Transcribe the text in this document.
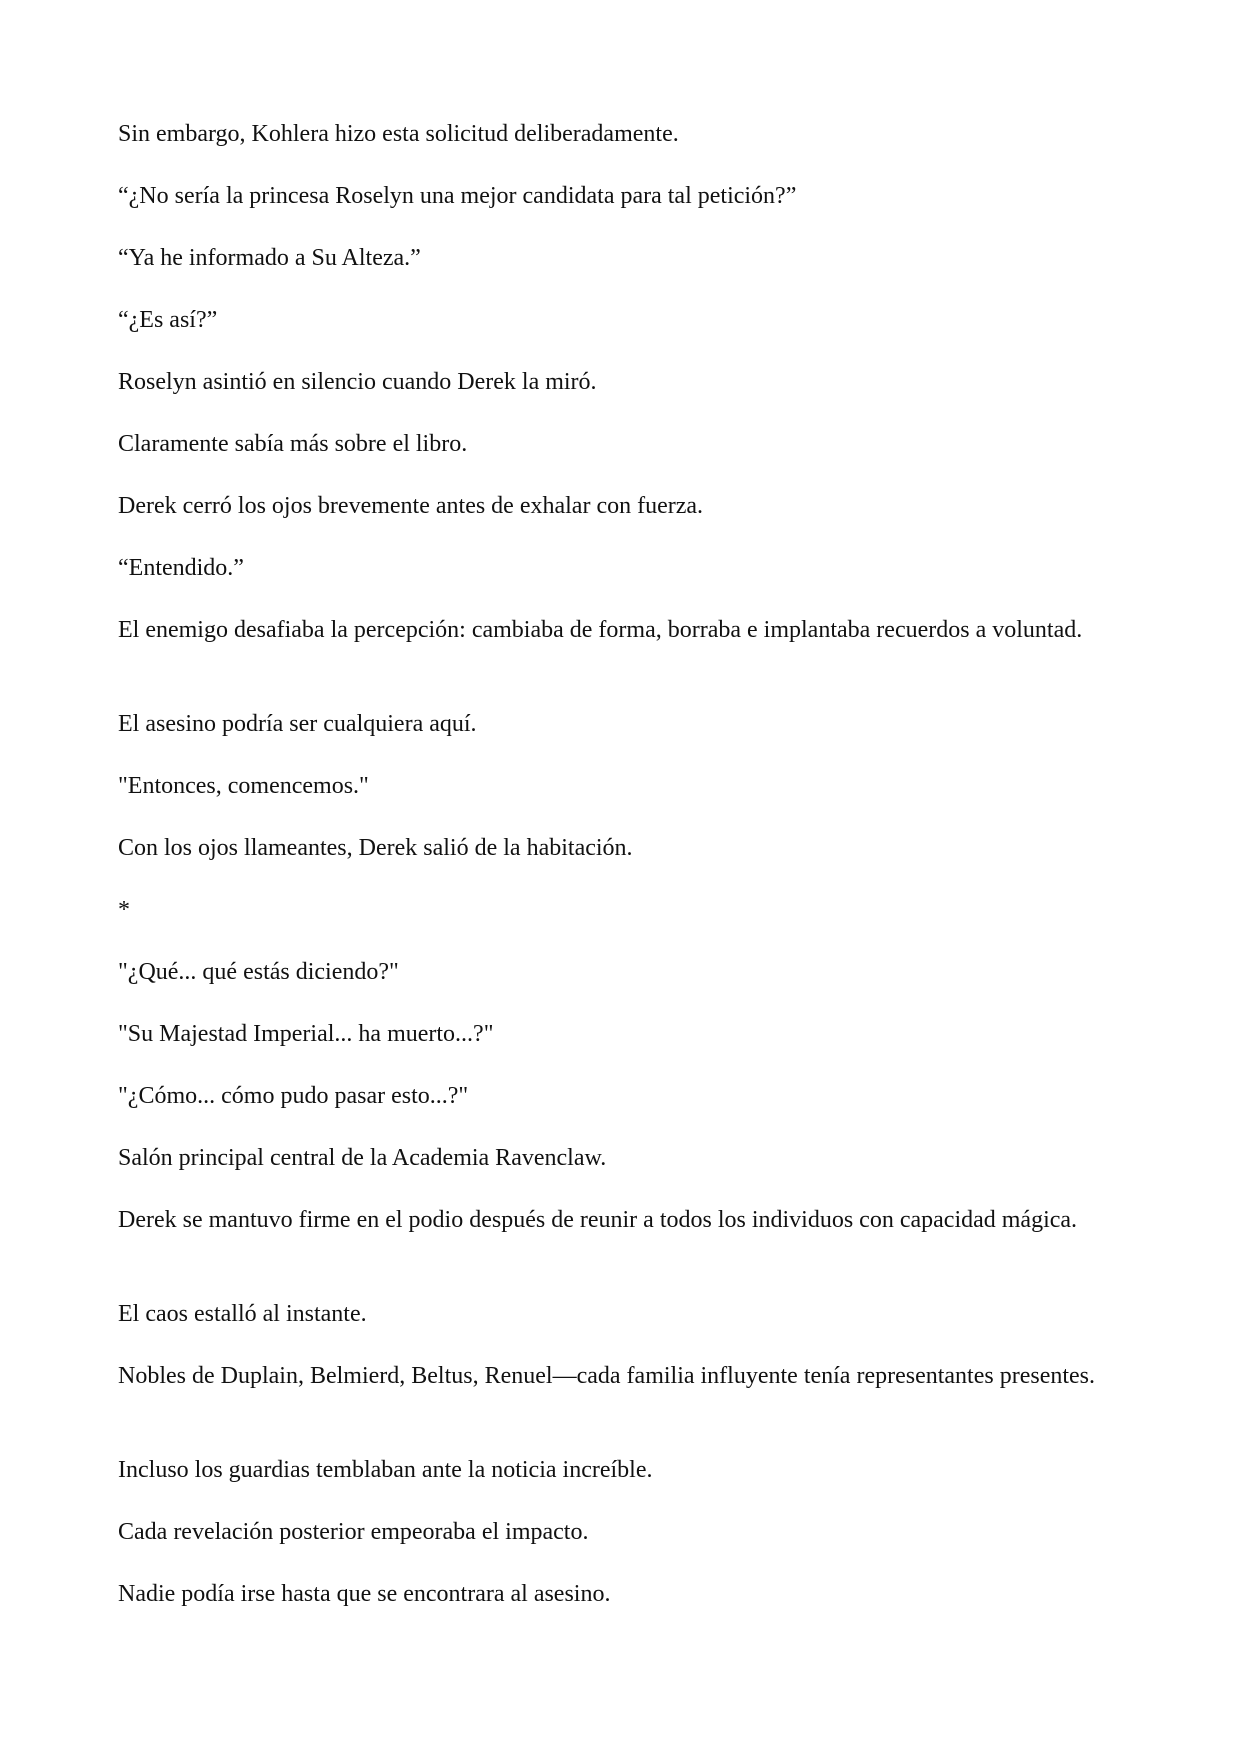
Sin embargo, Kohlera hizo esta solicitud deliberadamente.

“¿No sería la princesa Roselyn una mejor candidata para tal petición?”

“Ya he informado a Su Alteza.”

“¿Es así?”

Roselyn asintió en silencio cuando Derek la miró.

Claramente sabía más sobre el libro.

Derek cerró los ojos brevemente antes de exhalar con fuerza.

“Entendido.”

El enemigo desafiaba la percepción: cambiaba de forma, borraba e implantaba recuerdos a voluntad.

El asesino podría ser cualquiera aquí.

"Entonces, comencemos."

Con los ojos llameantes, Derek salió de la habitación.

*

"¿Qué... qué estás diciendo?"

"Su Majestad Imperial... ha muerto...?"

"¿Cómo... cómo pudo pasar esto...?"

Salón principal central de la Academia Ravenclaw.

Derek se mantuvo firme en el podio después de reunir a todos los individuos con capacidad mágica.

El caos estalló al instante.

Nobles de Duplain, Belmierd, Beltus, Renuel—cada familia influyente tenía representantes presentes.

Incluso los guardias temblaban ante la noticia increíble.

Cada revelación posterior empeoraba el impacto.

Nadie podía irse hasta que se encontrara al asesino.
